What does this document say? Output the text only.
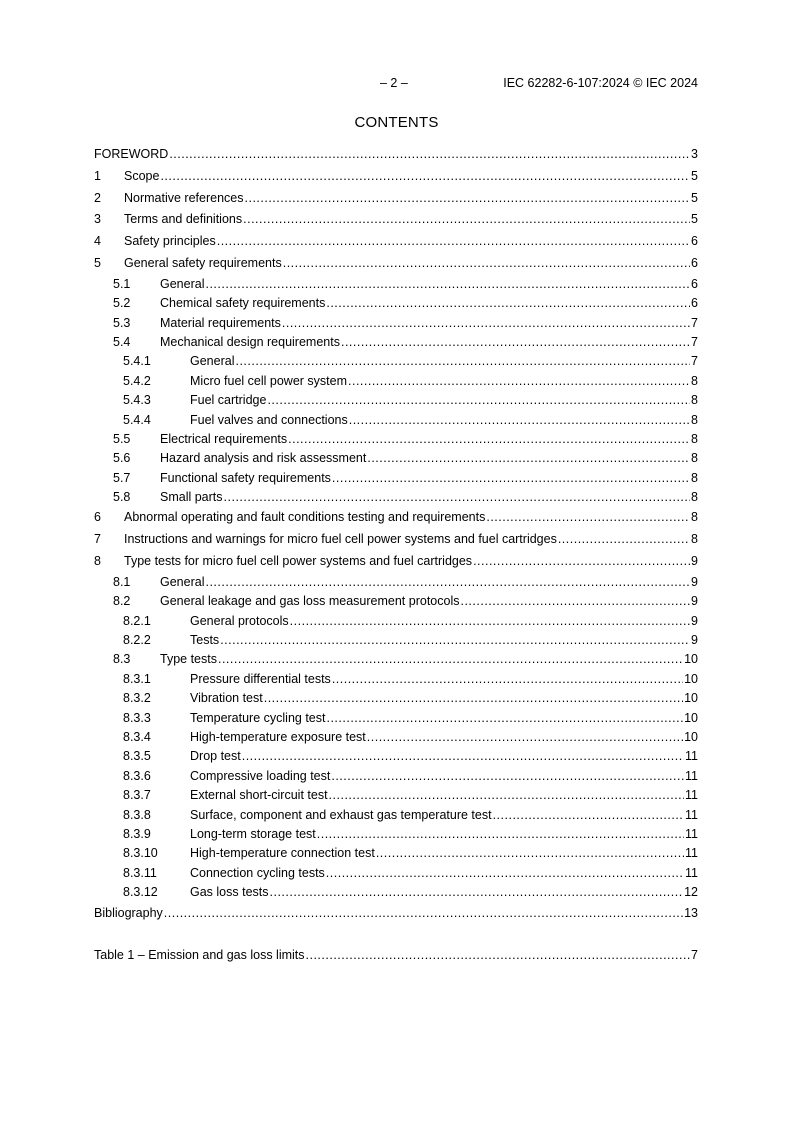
– 2 –	IEC 62282-6-107:2024 © IEC 2024
CONTENTS
FOREWORD .....	3
1	Scope .....	5
2	Normative references .....	5
3	Terms and definitions .....	5
4	Safety principles .....	6
5	General safety requirements .....	6
5.1	General .....	6
5.2	Chemical safety requirements .....	6
5.3	Material requirements .....	7
5.4	Mechanical design requirements .....	7
5.4.1	General .....	7
5.4.2	Micro fuel cell power system .....	8
5.4.3	Fuel cartridge .....	8
5.4.4	Fuel valves and connections .....	8
5.5	Electrical requirements .....	8
5.6	Hazard analysis and risk assessment .....	8
5.7	Functional safety requirements .....	8
5.8	Small parts .....	8
6	Abnormal operating and fault conditions testing and requirements .....	8
7	Instructions and warnings for micro fuel cell power systems and fuel cartridges .....	8
8	Type tests for micro fuel cell power systems and fuel cartridges .....	9
8.1	General .....	9
8.2	General leakage and gas loss measurement protocols .....	9
8.2.1	General protocols .....	9
8.2.2	Tests .....	9
8.3	Type tests .....	10
8.3.1	Pressure differential tests .....	10
8.3.2	Vibration test .....	10
8.3.3	Temperature cycling test .....	10
8.3.4	High-temperature exposure test .....	10
8.3.5	Drop test .....	11
8.3.6	Compressive loading test .....	11
8.3.7	External short-circuit test .....	11
8.3.8	Surface, component and exhaust gas temperature test .....	11
8.3.9	Long-term storage test .....	11
8.3.10	High-temperature connection test .....	11
8.3.11	Connection cycling tests .....	11
8.3.12	Gas loss tests .....	12
Bibliography .....	13
Table 1 – Emission and gas loss limits .....	7
